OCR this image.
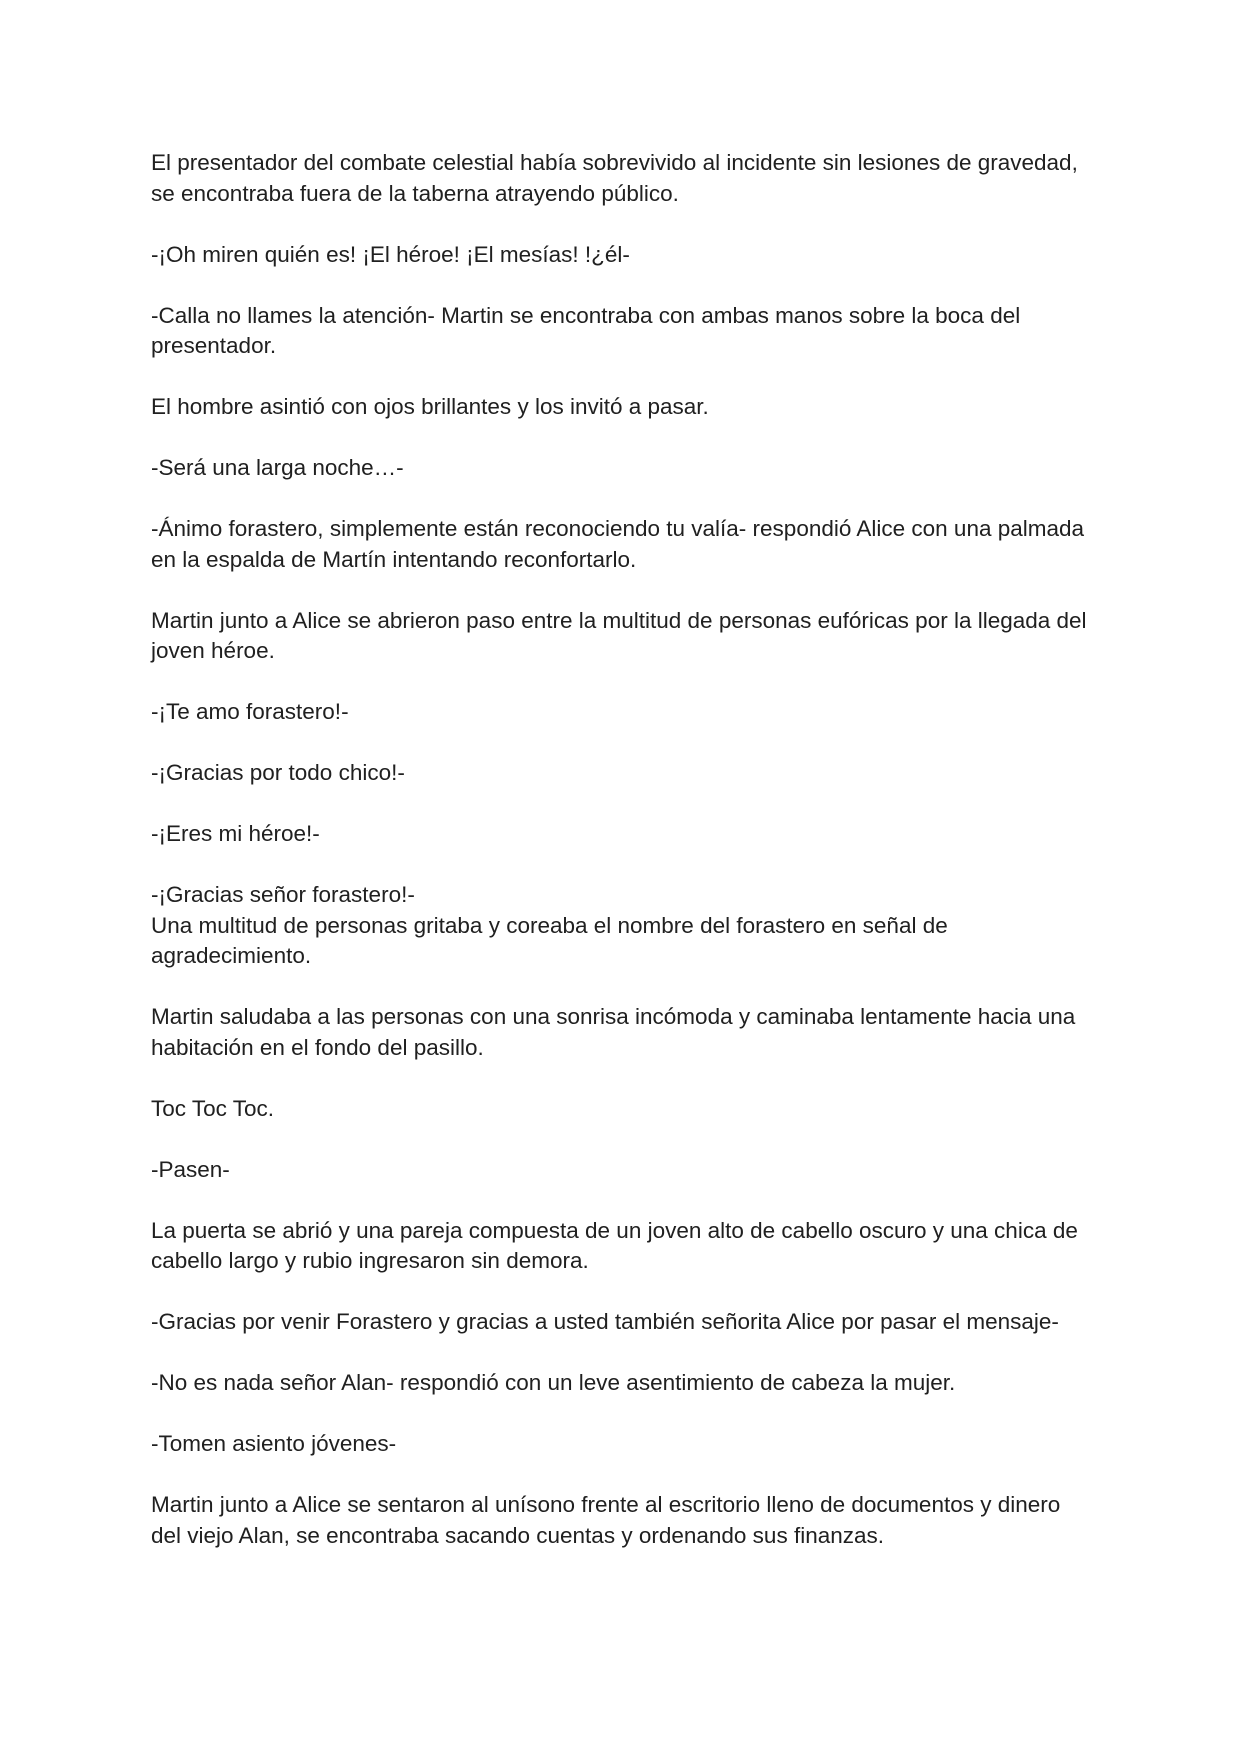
El presentador del combate celestial había sobrevivido al incidente sin lesiones de gravedad, se encontraba fuera de la taberna atrayendo público.

-¡Oh miren quién es! ¡El héroe! ¡El mesías! !¿él-

-Calla no llames la atención- Martin se encontraba con ambas manos sobre la boca del presentador.

El hombre asintió con ojos brillantes y los invitó a pasar.

-Será una larga noche…-

-Ánimo forastero, simplemente están reconociendo tu valía- respondió Alice con una palmada en la espalda de Martín intentando reconfortarlo.

Martin junto a Alice se abrieron paso entre la multitud de personas eufóricas por la llegada del joven héroe.

-¡Te amo forastero!-

-¡Gracias por todo chico!-

-¡Eres mi héroe!-

-¡Gracias señor forastero!-

Una multitud de personas gritaba y coreaba el nombre del forastero en señal de agradecimiento.

Martin saludaba a las personas con una sonrisa incómoda y caminaba lentamente hacia una habitación en el fondo del pasillo.

Toc Toc Toc.

-Pasen-

La puerta se abrió y una pareja compuesta de un joven alto de cabello oscuro y una chica de cabello largo y rubio ingresaron sin demora.

-Gracias por venir Forastero y gracias a usted también señorita Alice por pasar el mensaje-

-No es nada señor Alan- respondió con un leve asentimiento de cabeza la mujer.

-Tomen asiento jóvenes-

Martin junto a Alice se sentaron al unísono frente al escritorio lleno de documentos y dinero del viejo Alan, se encontraba sacando cuentas y ordenando sus finanzas.
